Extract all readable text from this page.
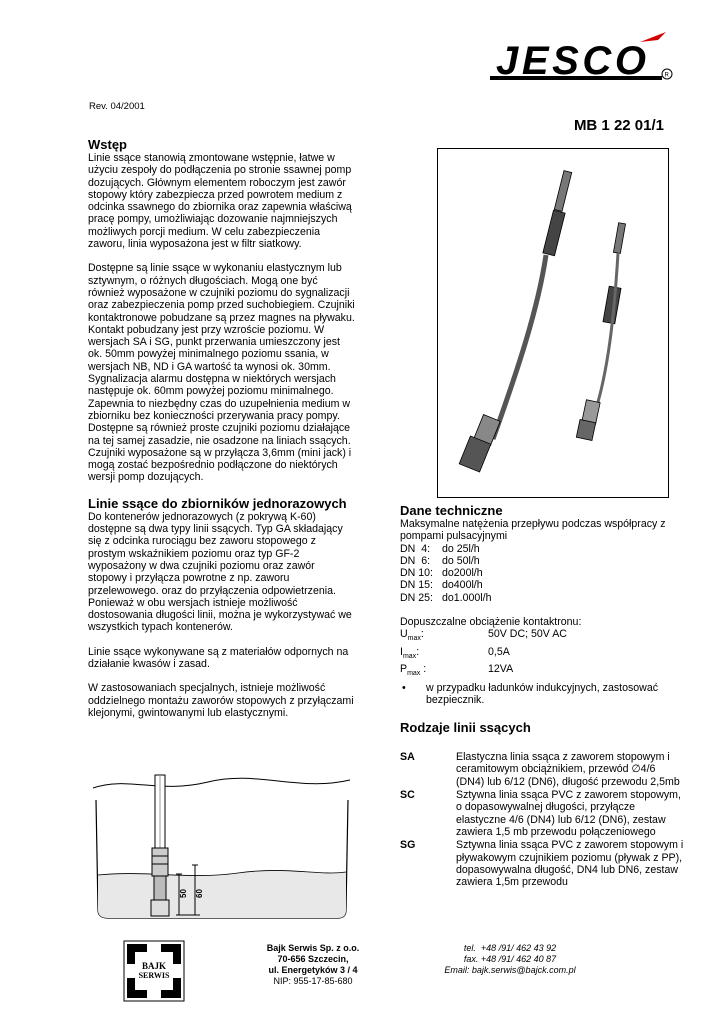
JESCO	R
Rev. 04/2001
MB 1 22 01/1
Wstęp

Linie ssące stanowią zmontowane wstępnie, łatwe w użyciu zespoły do podłączenia po stronie ssawnej pomp dozujących. Głównym elementem roboczym jest zawór stopowy który zabezpiecza przed powrotem medium z odcinka ssawnego do zbiornika oraz zapewnia właściwą pracę pompy, umożliwiając dozowanie najmniejszych możliwych porcji medium. W celu zabezpieczenia zaworu, linia wyposażona jest w filtr siatkowy.

Dostępne są linie ssące w wykonaniu elastycznym lub sztywnym, o różnych długościach. Mogą one być również wyposażone w czujniki poziomu do sygnalizacji oraz zabezpieczenia pomp przed suchobiegiem. Czujniki kontaktronowe pobudzane są przez magnes na pływaku. Kontakt pobudzany jest przy wzroście poziomu. W wersjach SA i SG, punkt przerwania umieszczony jest ok. 50mm powyżej minimalnego poziomu ssania, w wersjach NB, ND i GA wartość ta wynosi ok. 30mm. Sygnalizacja alarmu dostępna w niektórych wersjach następuje ok. 60mm powyżej poziomu minimalnego. Zapewnia to niezbędny czas do uzupełnienia medium w zbiorniku bez konieczności przerywania pracy pompy.

Dostępne są również proste czujniki poziomu działające na tej samej zasadzie, nie osadzone na liniach ssących. Czujniki wyposażone są w przyłącza 3,6mm (mini jack) i mogą zostać bezpośrednio podłączone do niektórych wersji pomp dozujących.

Linie ssące do zbiorników jednorazowych

Do kontenerów jednorazowych (z pokrywą K-60) dostępne są dwa typy linii ssących. Typ GA składający się z odcinka rurociągu bez zaworu stopowego z prostym wskaźnikiem poziomu oraz typ GF-2 wyposażony w dwa czujniki poziomu oraz zawór stopowy i przyłącza powrotne z np. zaworu przelewowego. oraz do przyłączenia odpowietrzenia. Ponieważ w obu wersjach istnieje możliwość dostosowania długości linii, można je wykorzystywać we wszystkich typach kontenerów.

Linie ssące wykonywane są z materiałów odpornych na działanie kwasów i zasad.

W zastosowaniach specjalnych, istnieje możliwość oddzielnego montażu zaworów stopowych z przyłączami klejonymi, gwintowanymi lub elastycznymi.

50 60
Dane techniczne
Maksymalne natężenia przepływu podczas współpracy z pompami pulsacyjnymi
DN  4:	do 25l/h
DN  6:	do 50l/h
DN 10: do200l/h
DN 15: do400l/h
DN 25: do1.000l/h
Dopuszczalne obciążenie kontaktronu:
$U_{max}$:	50V DC; 50V AC
$I_{max}$:	0,5A
$P_{max}$ :	12VA
•	w przypadku ładunków indukcyjnych, zastosować bezpiecznik.
Rodzaje linii ssących
SA	Elastyczna linia ssąca z zaworem stopowym i ceramitowym obciążnikiem, przewód ∅4/6 (DN4) lub 6/12 (DN6), długość przewodu 2,5mb
SC	Sztywna linia ssąca PVC z zaworem stopowym, o dopasowywalnej długości, przyłącze elastyczne 4/6 (DN4) lub 6/12 (DN6), zestaw zawiera 1,5 mb przewodu połączeniowego
SG	Sztywna linia ssąca PVC z zaworem stopowym i pływakowym czujnikiem poziomu (pływak z PP), dopasowywalna długość, DN4 lub DN6, zestaw zawiera 1,5m przewodu
BAJK
SERWIS
Bajk Serwis Sp. z o.o.
70-656 Szczecin,
ul. Energetyków 3 / 4
NIP: 955-17-85-680
tel.  +48 /91/ 462 43 92
fax. +48 /91/ 462 40 87
Email: bajk.serwis@bajck.com.pl
